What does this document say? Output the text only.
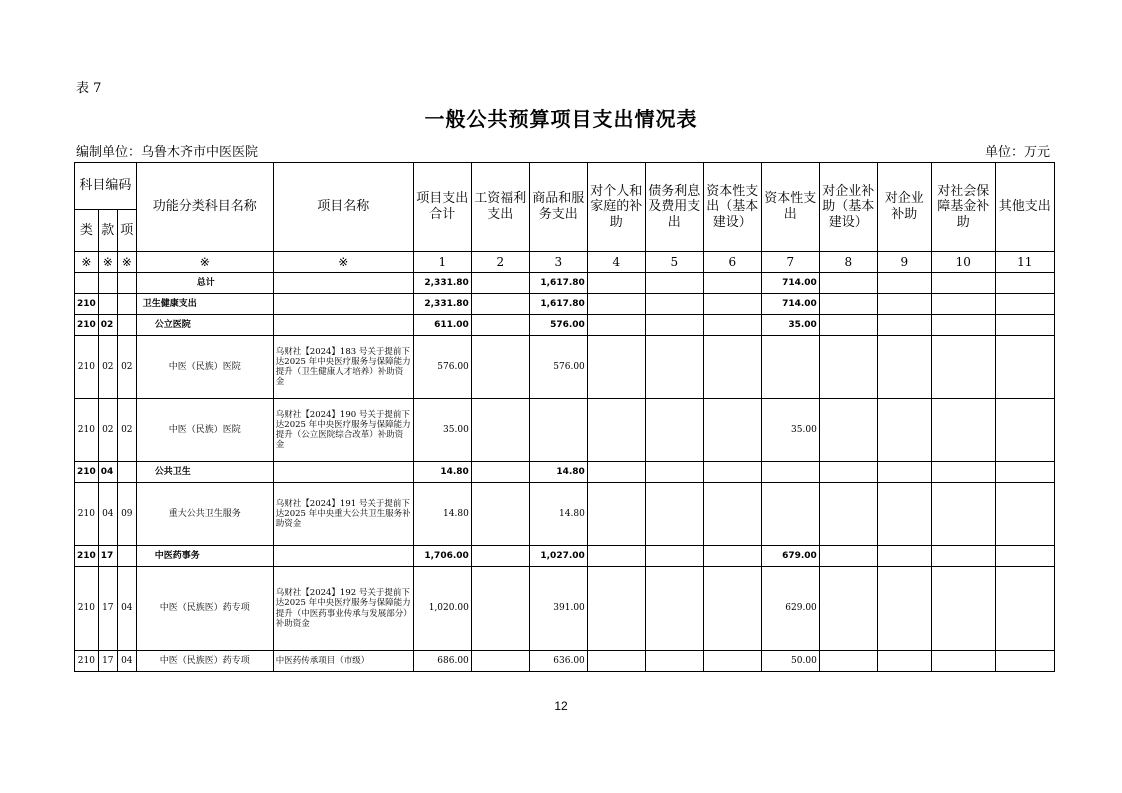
表 7
一般公共预算项目支出情况表
编制单位：乌鲁木齐市中医医院	单位：万元
科目编码			功能分类科目名称	项目名称	项目支出合计	工资福利支出	商品和服务支出	对个人和家庭的补助	债务利息及费用支出	资本性支出（基本建设）	资本性支出	对企业补助（基本建设）	对企业补助	对社会保障基金补助	其他支出
类	款	项													
※	※	※	※	※	1	2	3	4	5	6	7	8	9	10	11
			总计		2,331.80		1,617.80				714.00				
210			卫生健康支出		2,331.80		1,617.80				714.00				
210	02		公立医院		611.00		576.00				35.00				
210	02	02	中医（民族）医院	乌财社【2024】183 号关于提前下达2025 年中央医疗服务与保障能力提升（卫生健康人才培养）补助资金	576.00		576.00								
210	02	02	中医（民族）医院	乌财社【2024】190 号关于提前下达2025 年中央医疗服务与保障能力提升（公立医院综合改革）补助资金	35.00						35.00				
210	04		公共卫生		14.80		14.80								
210	04	09	重大公共卫生服务	乌财社【2024】191 号关于提前下达2025 年中央重大公共卫生服务补助资金	14.80		14.80								
210	17		中医药事务		1,706.00		1,027.00				679.00				
210	17	04	中医（民族医）药专项	乌财社【2024】192 号关于提前下达2025 年中央医疗服务与保障能力提升（中医药事业传承与发展部分）补助资金	1,020.00		391.00				629.00				
210	17	04	中医（民族医）药专项	中医药传承项目（市级）	686.00		636.00				50.00				
12
